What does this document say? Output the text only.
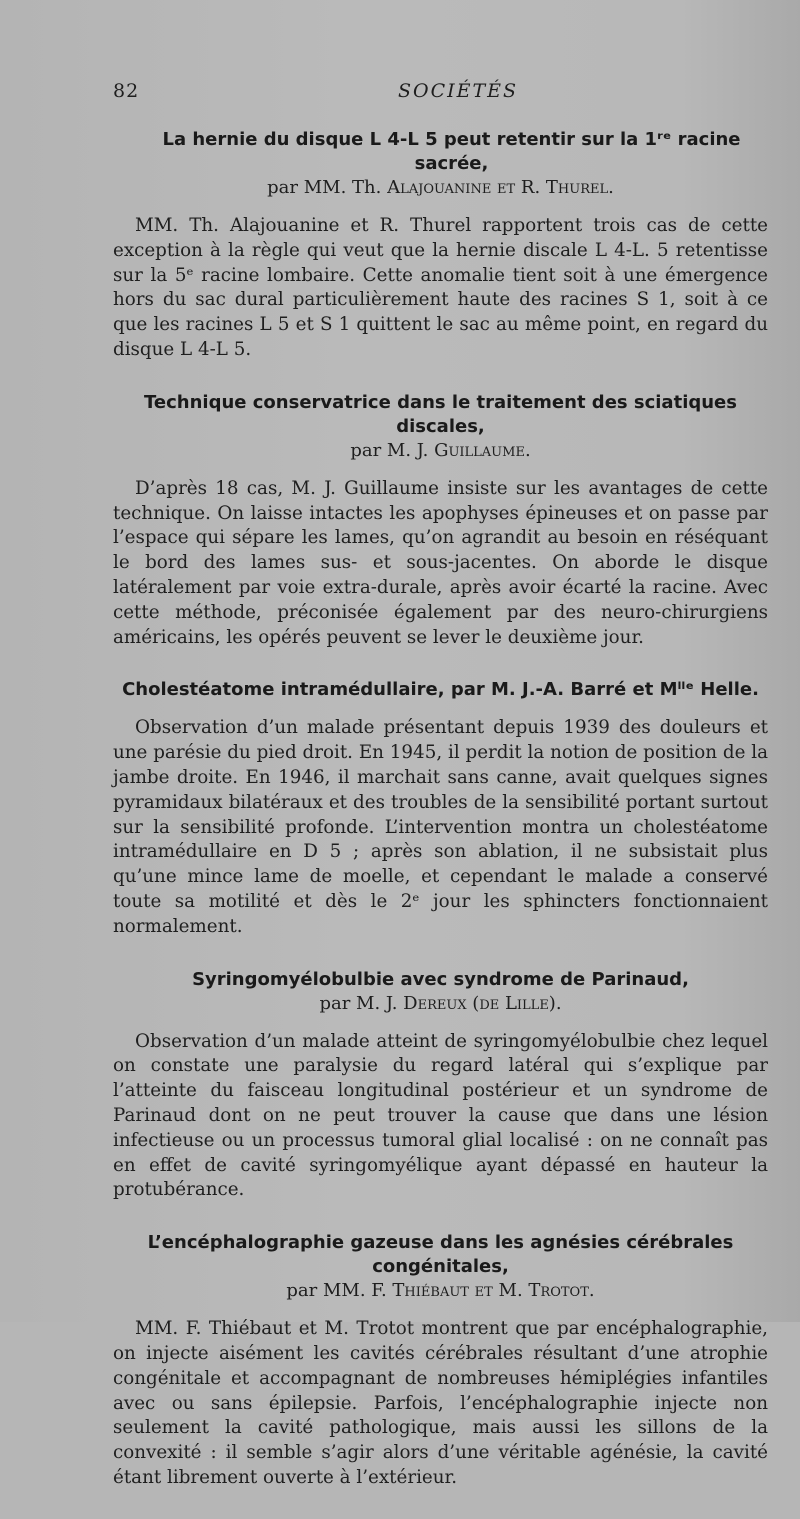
82	SOCIÉTÉS

La hernie du disque L 4-L 5 peut retentir sur la 1ʳᵉ racine sacrée,

par MM. Th. Alajouanine et R. Thurel.

MM. Th. Alajouanine et R. Thurel rapportent trois cas de cette exception à la règle qui veut que la hernie discale L 4-L. 5 retentisse sur la 5ᵉ racine lombaire. Cette anomalie tient soit à une émergence hors du sac dural particulièrement haute des racines S 1, soit à ce que les racines L 5 et S 1 quittent le sac au même point, en regard du disque L 4-L 5.

Technique conservatrice dans le traitement des sciatiques discales,

par M. J. Guillaume.

D’après 18 cas, M. J. Guillaume insiste sur les avantages de cette technique. On laisse intactes les apophyses épineuses et on passe par l’espace qui sépare les lames, qu’on agrandit au besoin en réséquant le bord des lames sus- et sous-jacentes. On aborde le disque latéralement par voie extra-durale, après avoir écarté la racine. Avec cette méthode, préconisée également par des neuro-chirurgiens américains, les opérés peuvent se lever le deuxième jour.

Cholestéatome intramédullaire, par M. J.-A. Barré et Mˡˡᵉ Helle.

Observation d’un malade présentant depuis 1939 des douleurs et une parésie du pied droit. En 1945, il perdit la notion de position de la jambe droite. En 1946, il marchait sans canne, avait quelques signes pyramidaux bilatéraux et des troubles de la sensibilité portant surtout sur la sensibilité profonde. L’intervention montra un cholestéatome intramédullaire en D 5 ; après son ablation, il ne subsistait plus qu’une mince lame de moelle, et cependant le malade a conservé toute sa motilité et dès le 2ᵉ jour les sphincters fonctionnaient normalement.

Syringomyélobulbie avec syndrome de Parinaud,

par M. J. Dereux (de Lille).

Observation d’un malade atteint de syringomyélobulbie chez lequel on constate une paralysie du regard latéral qui s’explique par l’atteinte du faisceau longitudinal postérieur et un syndrome de Parinaud dont on ne peut trouver la cause que dans une lésion infectieuse ou un processus tumoral glial localisé : on ne connaît pas en effet de cavité syringomyélique ayant dépassé en hauteur la protubérance.

L’encéphalographie gazeuse dans les agnésies cérébrales congénitales,

par MM. F. Thiébaut et M. Trotot.

MM. F. Thiébaut et M. Trotot montrent que par encéphalographie, on injecte aisément les cavités cérébrales résultant d’une atrophie congénitale et accompagnant de nombreuses hémiplégies infantiles avec ou sans épilepsie. Parfois, l’encéphalographie injecte non seulement la cavité pathologique, mais aussi les sillons de la convexité : il semble s’agir alors d’une véritable agénésie, la cavité étant librement ouverte à l’extérieur.
